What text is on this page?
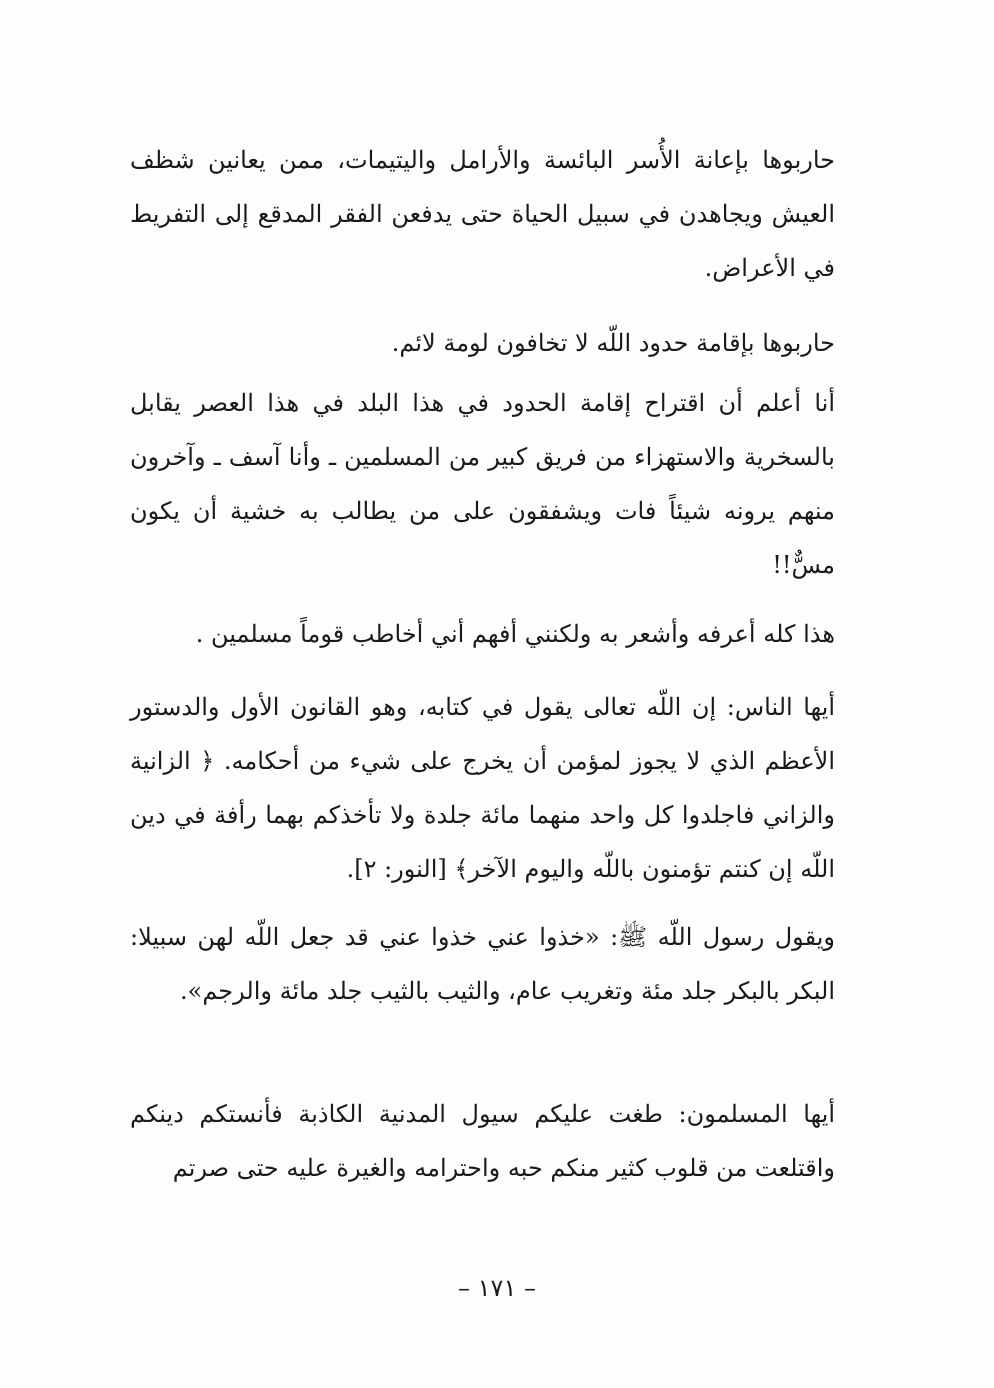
حاربوها بإعانة الأُسر البائسة والأرامل واليتيمات، ممن يعانين شظف العيش ويجاهدن في سبيل الحياة حتى يدفعن الفقر المدقع إلى التفريط في الأعراض.

حاربوها بإقامة حدود اللّه لا تخافون لومة لائم.

أنا أعلم أن اقتراح إقامة الحدود في هذا البلد في هذا العصر يقابل بالسخرية والاستهزاء من فريق كبير من المسلمين ـ وأنا آسف ـ وآخرون منهم يرونه شيئاً فات ويشفقون على من يطالب به خشية أن يكون مسٌّ!!

هذا كله أعرفه وأشعر به ولكنني أفهم أني أخاطب قوماً مسلمين .

أيها الناس: إن اللّه تعالى يقول في كتابه، وهو القانون الأول والدستور الأعظم الذي لا يجوز لمؤمن أن يخرج على شيء من أحكامه. ﴿ الزانية والزاني فاجلدوا كل واحد منهما مائة جلدة ولا تأخذكم بهما رأفة في دين اللّه إن كنتم تؤمنون باللّه واليوم الآخر﴾ [النور: ٢].

ويقول رسول اللّه ﷺ: «خذوا عني خذوا عني قد جعل اللّه لهن سبيلا: البكر بالبكر جلد مئة وتغريب عام، والثيب بالثيب جلد مائة والرجم».

أيها المسلمون: طغت عليكم سيول المدنية الكاذبة فأنستكم دينكم واقتلعت من قلوب كثير منكم حبه واحترامه والغيرة عليه حتى صرتم

– ١٧١ –
